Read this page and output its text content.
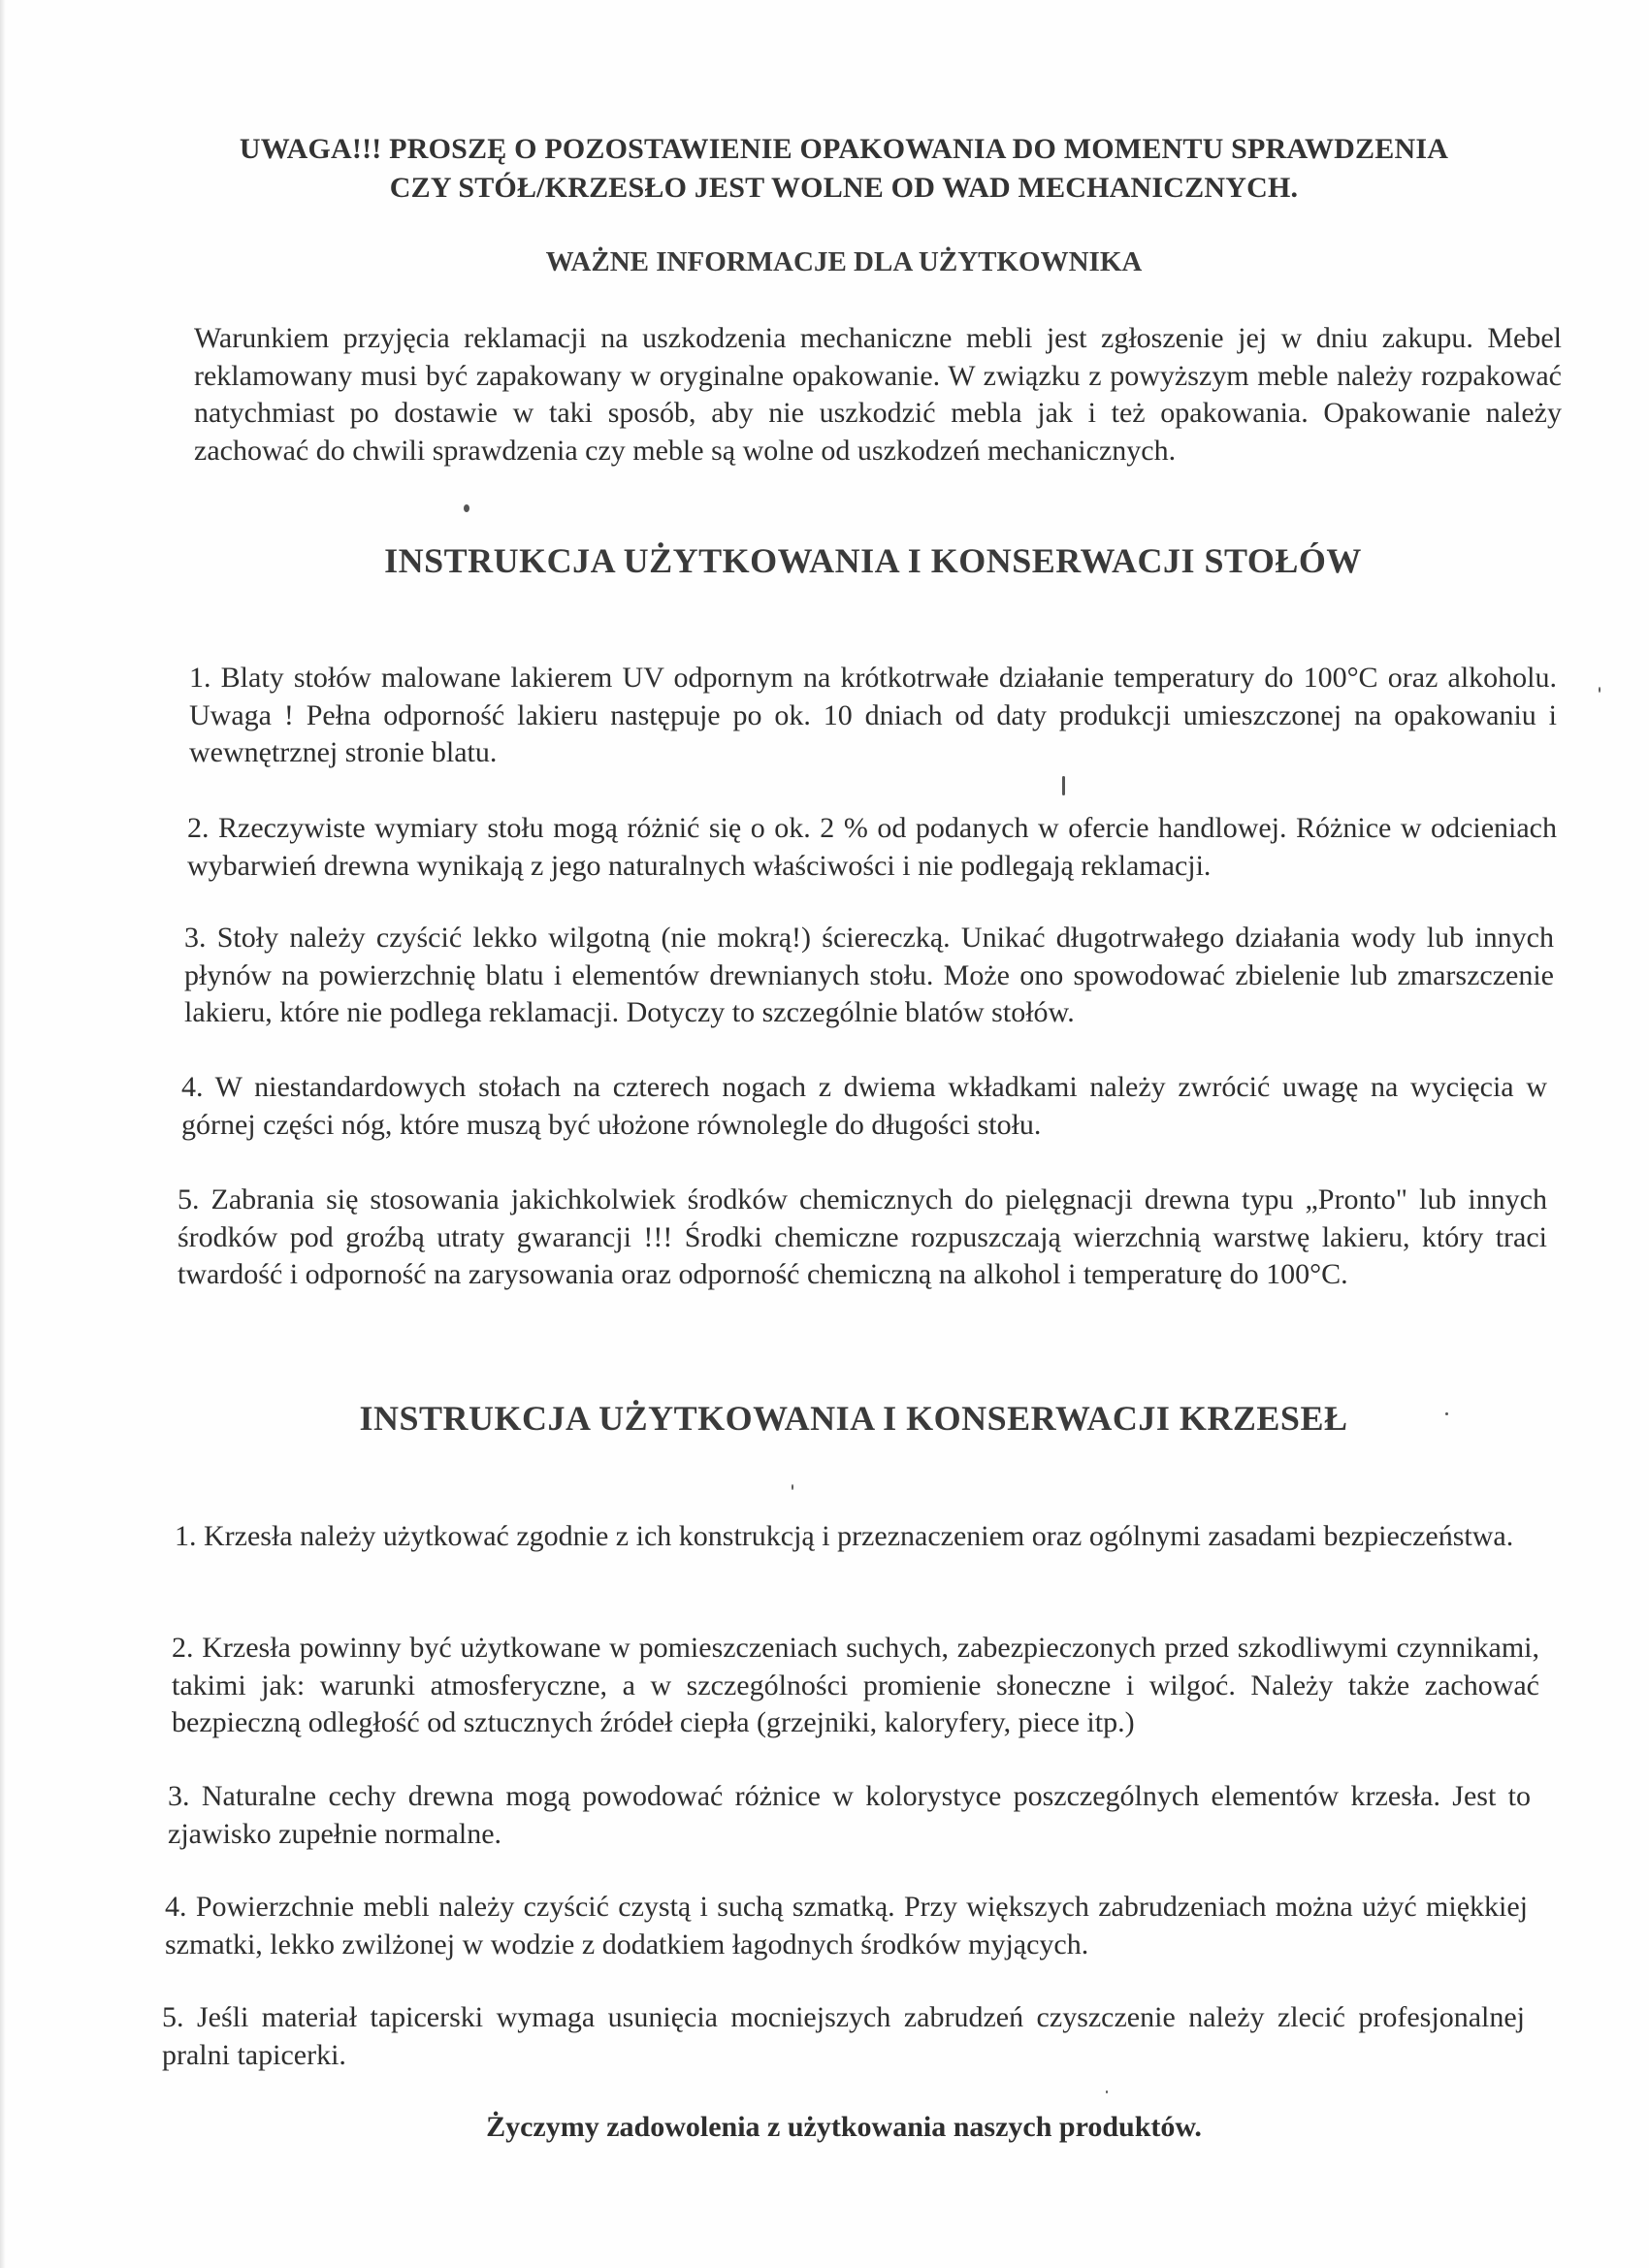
UWAGA!!! PROSZĘ O POZOSTAWIENIE OPAKOWANIA DO MOMENTU SPRAWDZENIA
CZY STÓŁ/KRZESŁO JEST WOLNE OD WAD MECHANICZNYCH.
WAŻNE INFORMACJE DLA UŻYTKOWNIKA
Warunkiem przyjęcia reklamacji na uszkodzenia mechaniczne mebli jest zgłoszenie jej w dniu zakupu. Mebel reklamowany musi być zapakowany w oryginalne opakowanie. W związku z powyższym meble należy rozpakować natychmiast po dostawie w taki sposób, aby nie uszkodzić mebla jak i też opakowania. Opakowanie należy zachować do chwili sprawdzenia czy meble są wolne od uszkodzeń mechanicznych.
INSTRUKCJA UŻYTKOWANIA I KONSERWACJI STOŁÓW
1. Blaty stołów malowane lakierem UV odpornym na krótkotrwałe działanie temperatury do 100°C oraz alkoholu. Uwaga ! Pełna odporność lakieru następuje po ok. 10 dniach od daty produkcji umieszczonej na opakowaniu i wewnętrznej stronie blatu.
2. Rzeczywiste wymiary stołu mogą różnić się o ok. 2 % od podanych w ofercie handlowej. Różnice w odcieniach wybarwień drewna wynikają z jego naturalnych właściwości i nie podlegają reklamacji.
3. Stoły należy czyścić lekko wilgotną (nie mokrą!) ściereczką. Unikać długotrwałego działania wody lub innych płynów na powierzchnię blatu i elementów drewnianych stołu. Może ono spowodować zbielenie lub zmarszczenie lakieru, które nie podlega reklamacji. Dotyczy to szczególnie blatów stołów.
4. W niestandardowych stołach na czterech nogach z dwiema wkładkami należy zwrócić uwagę na wycięcia w górnej części nóg, które muszą być ułożone równolegle do długości stołu.
5. Zabrania się stosowania jakichkolwiek środków chemicznych do pielęgnacji drewna typu „Pronto" lub innych środków pod groźbą utraty gwarancji !!! Środki chemiczne rozpuszczają wierzchnią warstwę lakieru, który traci twardość i odporność na zarysowania oraz odporność chemiczną na alkohol i temperaturę do 100°C.
INSTRUKCJA UŻYTKOWANIA I KONSERWACJI KRZESEŁ
1. Krzesła należy użytkować zgodnie z ich konstrukcją i przeznaczeniem oraz ogólnymi zasadami bezpieczeństwa.
2. Krzesła powinny być użytkowane w pomieszczeniach suchych, zabezpieczonych przed szkodliwymi czynnikami, takimi jak: warunki atmosferyczne, a w szczególności promienie słoneczne i wilgoć. Należy także zachować bezpieczną odległość od sztucznych źródeł ciepła (grzejniki, kaloryfery, piece itp.)
3. Naturalne cechy drewna mogą powodować różnice w kolorystyce poszczególnych elementów krzesła. Jest to zjawisko zupełnie normalne.
4. Powierzchnie mebli należy czyścić czystą i suchą szmatką. Przy większych zabrudzeniach można użyć miękkiej szmatki, lekko zwilżonej w wodzie z dodatkiem łagodnych środków myjących.
5. Jeśli materiał tapicerski wymaga usunięcia mocniejszych zabrudzeń czyszczenie należy zlecić profesjonalnej pralni tapicerki.
Życzymy zadowolenia z użytkowania naszych produktów.
